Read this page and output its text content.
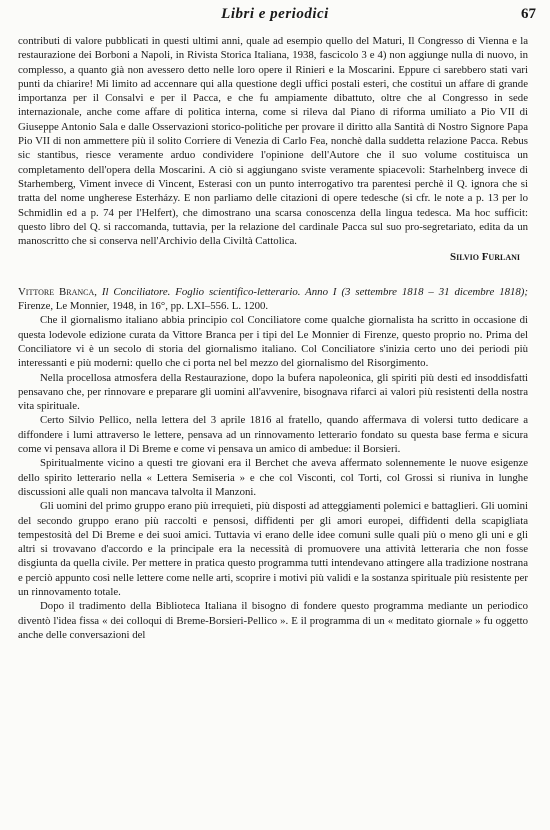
Libri e periodici	67

contributi di valore pubblicati in questi ultimi anni, quale ad esempio quello del Maturi, Il Congresso di Vienna e la restaurazione dei Borboni a Napoli, in Rivista Storica Italiana, 1938, fascicolo 3 e 4) non aggiunge nulla di nuovo, in complesso, a quanto già non avessero detto nelle loro opere il Rinieri e la Moscarini. Eppure ci sarebbero stati vari punti da chiarire! Mi limito ad accennare qui alla questione degli uffici postali esteri, che costituì un affare di grande importanza per il Consalvi e per il Pacca, e che fu ampiamente dibattuto, oltre che al Congresso in sede internazionale, anche come affare di politica interna, come si rileva dal Piano di riforma umiliato a Pio VII di Giuseppe Antonio Sala e dalle Osservazioni storico-politiche per provare il diritto alla Santità di Nostro Signore Papa Pio VII di non ammettere più il solito Corriere di Venezia di Carlo Fea, nonchè dalla suddetta relazione Pacca. Rebus sic stantibus, riesce veramente arduo condividere l'opinione dell'Autore che il suo volume costituisca un completamento dell'opera della Moscarini. A ciò si aggiungano sviste veramente spiacevoli: Starhelnberg invece di Starhemberg, Viment invece di Vincent, Esterasi con un punto interrogativo tra parentesi perchè il Q. ignora che si tratta del nome ungherese Esterházy. E non parliamo delle citazioni di opere tedesche (si cfr. le note a p. 13 per lo Schmidlin ed a p. 74 per l'Helfert), che dimostrano una scarsa conoscenza della lingua tedesca. Ma hoc sufficit: questo libro del Q. si raccomanda, tuttavia, per la relazione del cardinale Pacca sul suo pro-segretariato, edita da un manoscritto che si conserva nell'Archivio della Civiltà Cattolica.

Silvio Furlani

Vittore Branca, Il Conciliatore. Foglio scientifico-letterario. Anno I (3 settembre 1818 – 31 dicembre 1818); Firenze, Le Monnier, 1948, in 16°, pp. LXI–556. L. 1200.

Che il giornalismo italiano abbia principio col Conciliatore come qualche giornalista ha scritto in occasione di questa lodevole edizione curata da Vittore Branca per i tipi del Le Monnier di Firenze, questo proprio no. Prima del Conciliatore vi è un secolo di storia del giornalismo italiano. Col Conciliatore s'inizia certo uno dei periodi più interessanti e più moderni: quello che ci porta nel bel mezzo del giornalismo del Risorgimento.

Nella procellosa atmosfera della Restaurazione, dopo la bufera napoleonica, gli spiriti più desti ed insoddisfatti pensavano che, per rinnovare e preparare gli uomini all'avvenire, bisognava rifarci ai valori più resistenti della nostra vita spirituale.

Certo Silvio Pellico, nella lettera del 3 aprile 1816 al fratello, quando affermava di volersi tutto dedicare a diffondere i lumi attraverso le lettere, pensava ad un rinnovamento letterario fondato su questa base ferma e sicura come vi pensava allora il Di Breme e come vi pensava un amico di ambedue: il Borsieri.

Spiritualmente vicino a questi tre giovani era il Berchet che aveva affermato solennemente le nuove esigenze dello spirito letterario nella « Lettera Semiseria » e che col Visconti, col Torti, col Grossi si riuniva in lunghe discussioni alle quali non mancava talvolta il Manzoni.

Gli uomini del primo gruppo erano più irrequieti, più disposti ad atteggiamenti polemici e battaglieri. Gli uomini del secondo gruppo erano più raccolti e pensosi, diffidenti per gli amori europei, diffidenti della scapigliata tempestosità del Di Breme e dei suoi amici. Tuttavia vi erano delle idee comuni sulle quali più o meno gli uni e gli altri si trovavano d'accordo e la principale era la necessità di promuovere una attività letteraria che non fosse disgiunta da quella civile. Per mettere in pratica questo programma tutti intendevano attingere alla tradizione nostrana e perciò appunto così nelle lettere come nelle arti, scoprire i motivi più validi e la sostanza spirituale più resistente per un rinnovamento totale.

Dopo il tradimento della Biblioteca Italiana il bisogno di fondere questo programma mediante un periodico diventò l'idea fissa « dei colloqui di Breme-Borsieri-Pellico ». E il programma di un « meditato giornale » fu oggetto anche delle conversazioni del
